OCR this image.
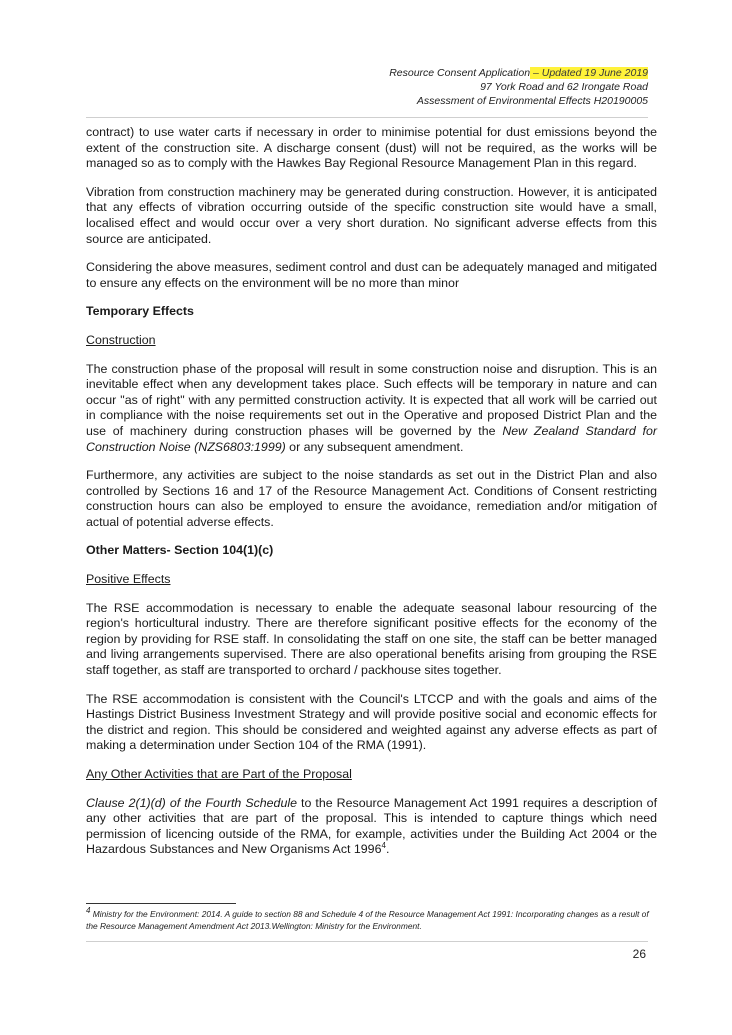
Resource Consent Application – Updated 19 June 2019
97 York Road and 62 Irongate Road
Assessment of Environmental Effects H20190005

contract) to use water carts if necessary in order to minimise potential for dust emissions beyond the extent of the construction site. A discharge consent (dust) will not be required, as the works will be managed so as to comply with the Hawkes Bay Regional Resource Management Plan in this regard.

Vibration from construction machinery may be generated during construction. However, it is anticipated that any effects of vibration occurring outside of the specific construction site would have a small, localised effect and would occur over a very short duration. No significant adverse effects from this source are anticipated.

Considering the above measures, sediment control and dust can be adequately managed and mitigated to ensure any effects on the environment will be no more than minor

Temporary Effects
Construction

The construction phase of the proposal will result in some construction noise and disruption. This is an inevitable effect when any development takes place. Such effects will be temporary in nature and can occur "as of right" with any permitted construction activity. It is expected that all work will be carried out in compliance with the noise requirements set out in the Operative and proposed District Plan and the use of machinery during construction phases will be governed by the New Zealand Standard for Construction Noise (NZS6803:1999) or any subsequent amendment.

Furthermore, any activities are subject to the noise standards as set out in the District Plan and also controlled by Sections 16 and 17 of the Resource Management Act. Conditions of Consent restricting construction hours can also be employed to ensure the avoidance, remediation and/or mitigation of actual of potential adverse effects.

Other Matters- Section 104(1)(c)
Positive Effects

The RSE accommodation is necessary to enable the adequate seasonal labour resourcing of the region's horticultural industry. There are therefore significant positive effects for the economy of the region by providing for RSE staff. In consolidating the staff on one site, the staff can be better managed and living arrangements supervised. There are also operational benefits arising from grouping the RSE staff together, as staff are transported to orchard / packhouse sites together.

The RSE accommodation is consistent with the Council's LTCCP and with the goals and aims of the Hastings District Business Investment Strategy and will provide positive social and economic effects for the district and region. This should be considered and weighted against any adverse effects as part of making a determination under Section 104 of the RMA (1991).

Any Other Activities that are Part of the Proposal

Clause 2(1)(d) of the Fourth Schedule to the Resource Management Act 1991 requires a description of any other activities that are part of the proposal. This is intended to capture things which need permission of licencing outside of the RMA, for example, activities under the Building Act 2004 or the Hazardous Substances and New Organisms Act 1996$^4$.

$^4$ Ministry for the Environment: 2014. A guide to section 88 and Schedule 4 of the Resource Management Act 1991: Incorporating changes as a result of the Resource Management Amendment Act 2013.Wellington: Ministry for the Environment.
26
